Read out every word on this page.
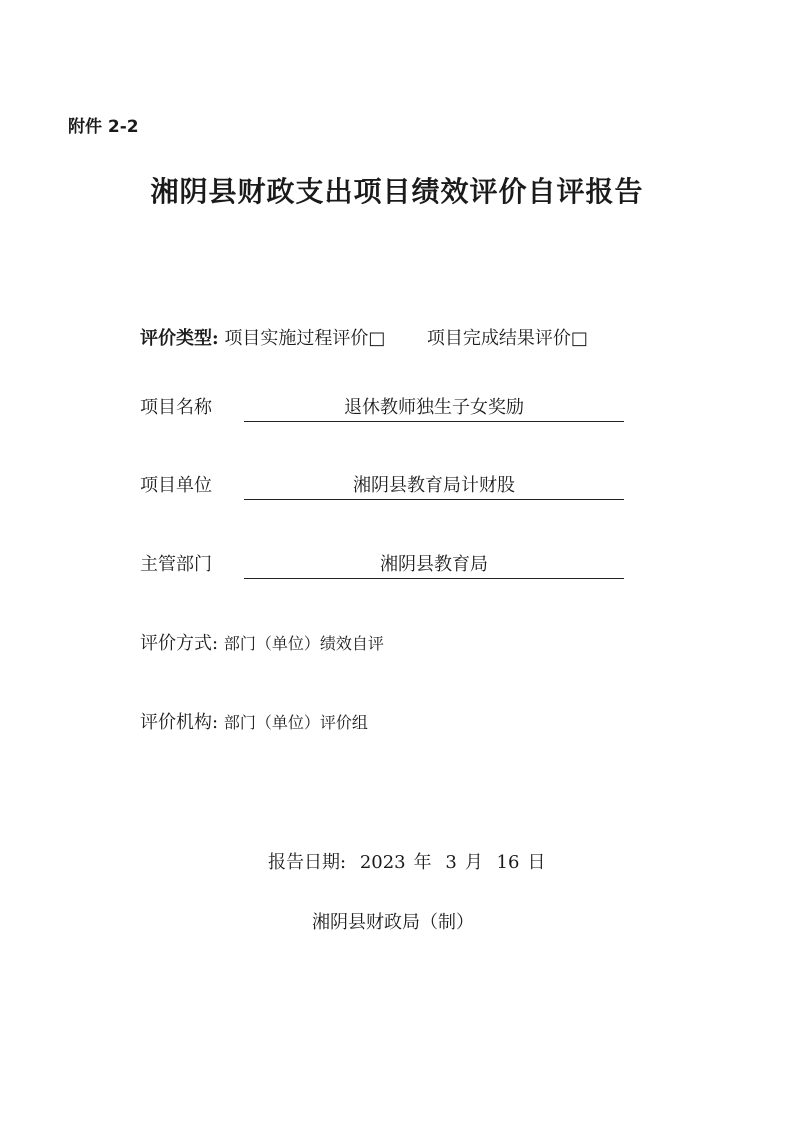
附件 2-2
湘阴县财政支出项目绩效评价自评报告
评价类型: 项目实施过程评价□ 项目完成结果评价□
项目名称	退休教师独生子女奖励
项目单位	湘阴县教育局计财股
主管部门	湘阴县教育局
评价方式: 部门（单位）绩效自评
评价机构: 部门（单位）评价组
报告日期: 2023 年 3 月 16 日
湘阴县财政局（制）
